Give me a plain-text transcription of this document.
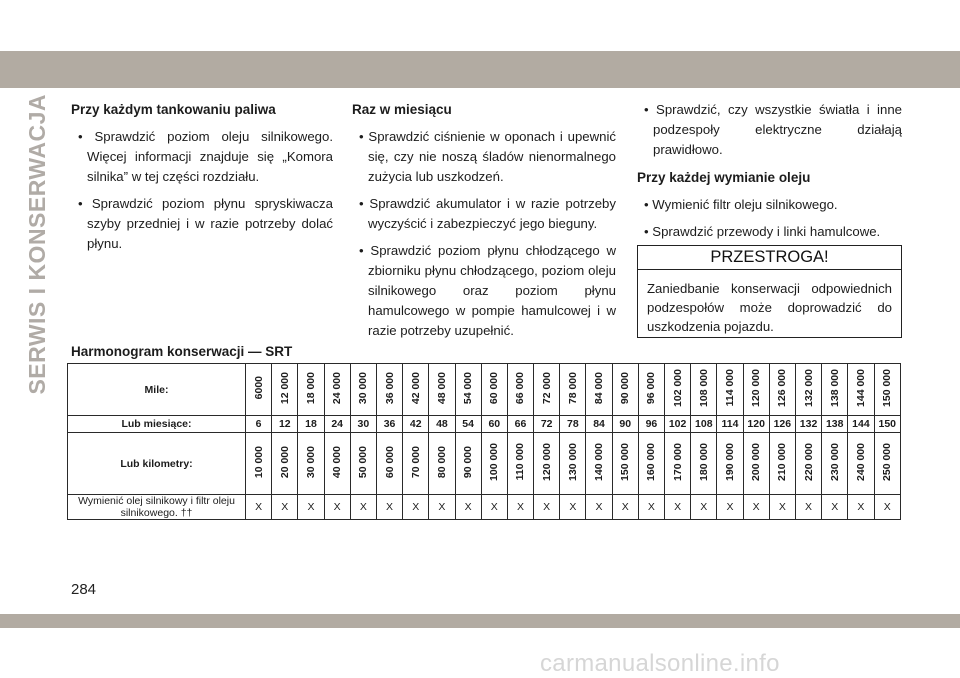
SERWIS I KONSERWACJA Przy każdym tankowaniu paliwa

• Sprawdzić poziom oleju silnikowego. Więcej informacji znajduje się „Komora silnika” w tej części rozdziału.

• Sprawdzić poziom płynu spryskiwacza szyby przedniej i w razie potrzeby dolać płynu.

Raz w miesiącu

• Sprawdzić ciśnienie w oponach i upewnić się, czy nie noszą śladów nienormalnego zużycia lub uszkodzeń.

• Sprawdzić akumulator i w razie potrzeby wyczyścić i zabezpieczyć jego bieguny.

• Sprawdzić poziom płynu chłodzącego w zbiorniku płynu chłodzącego, poziom oleju silnikowego oraz poziom płynu hamulcowego w pompie hamulcowej i w razie potrzeby uzupełnić.

• Sprawdzić, czy wszystkie światła i inne podzespoły elektryczne działają prawidłowo.

Przy każdej wymianie oleju

• Wymienić filtr oleju silnikowego.

• Sprawdzić przewody i linki hamulcowe.

PRZESTROGA!
Zaniedbanie konserwacji odpowiednich podzespołów może doprowadzić do uszkodzenia pojazdu.
Harmonogram konserwacji — SRT
Mile:	6000	12 000	18 000	24 000	30 000	36 000	42 000	48 000	54 000	60 000	66 000	72 000	78 000	84 000	90 000	96 000	102 000	108 000	114 000	120 000	126 000	132 000	138 000	144 000	150 000
Lub miesiące:	6	12	18	24	30	36	42	48	54	60	66	72	78	84	90	96	102	108	114	120	126	132	138	144	150
Lub kilometry:	10 000	20 000	30 000	40 000	50 000	60 000	70 000	80 000	90 000	100 000	110 000	120 000	130 000	140 000	150 000	160 000	170 000	180 000	190 000	200 000	210 000	220 000	230 000	240 000	250 000
Wymienić olej silnikowy i filtr oleju silnikowego. ††	X	X	X	X	X	X	X	X	X	X	X	X	X	X	X	X	X	X	X	X	X	X	X	X	X
284
carmanualsonline.info
